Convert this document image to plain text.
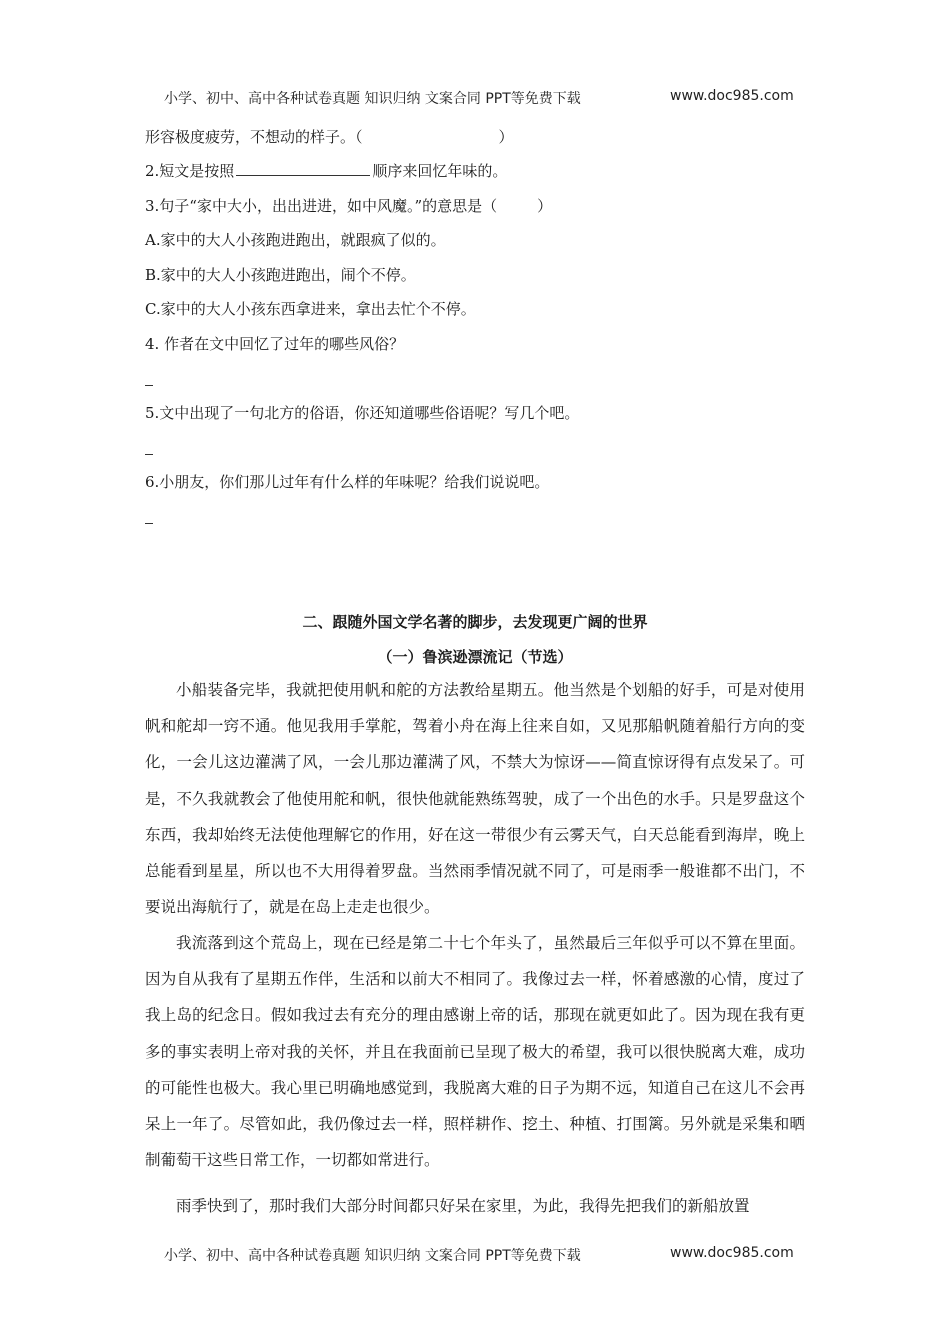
小学、初中、高中各种试卷真题 知识归纳 文案合同 PPT等免费下载	www.doc985.com
形容极度疲劳，不想动的样子。（	）
2.短文是按照	顺序来回忆年味的。
3.句子“家中大小，出出进进，如中风魔。”的意思是（	）
A.家中的大人小孩跑进跑出，就跟疯了似的。
B.家中的大人小孩跑进跑出，闹个不停。
C.家中的大人小孩东西拿进来，拿出去忙个不停。
4. 作者在文中回忆了过年的哪些风俗？
5.文中出现了一句北方的俗语，你还知道哪些俗语呢？写几个吧。
6.小朋友，你们那儿过年有什么样的年味呢？给我们说说吧。
二、跟随外国文学名著的脚步，去发现更广阔的世界
（一）鲁滨逊漂流记（节选）

小船装备完毕，我就把使用帆和舵的方法教给星期五。他当然是个划船的好手，可是对使用帆和舵却一窍不通。他见我用手掌舵，驾着小舟在海上往来自如，又见那船帆随着船行方向的变化，一会儿这边灌满了风，一会儿那边灌满了风，不禁大为惊讶——简直惊讶得有点发呆了。可是，不久我就教会了他使用舵和帆，很快他就能熟练驾驶，成了一个出色的水手。只是罗盘这个东西，我却始终无法使他理解它的作用，好在这一带很少有云雾天气，白天总能看到海岸，晚上总能看到星星，所以也不大用得着罗盘。当然雨季情况就不同了，可是雨季一般谁都不出门，不要说出海航行了，就是在岛上走走也很少。

我流落到这个荒岛上，现在已经是第二十七个年头了，虽然最后三年似乎可以不算在里面。因为自从我有了星期五作伴，生活和以前大不相同了。我像过去一样，怀着感激的心情，度过了我上岛的纪念日。假如我过去有充分的理由感谢上帝的话，那现在就更如此了。因为现在我有更多的事实表明上帝对我的关怀，并且在我面前已呈现了极大的希望，我可以很快脱离大难，成功的可能性也极大。我心里已明确地感觉到，我脱离大难的日子为期不远，知道自己在这儿不会再呆上一年了。尽管如此，我仍像过去一样，照样耕作、挖土、种植、打围篱。另外就是采集和晒制葡萄干这些日常工作，一切都如常进行。

雨季快到了，那时我们大部分时间都只好呆在家里，为此，我得先把我们的新船放置

小学、初中、高中各种试卷真题 知识归纳 文案合同 PPT等免费下载	www.doc985.com
